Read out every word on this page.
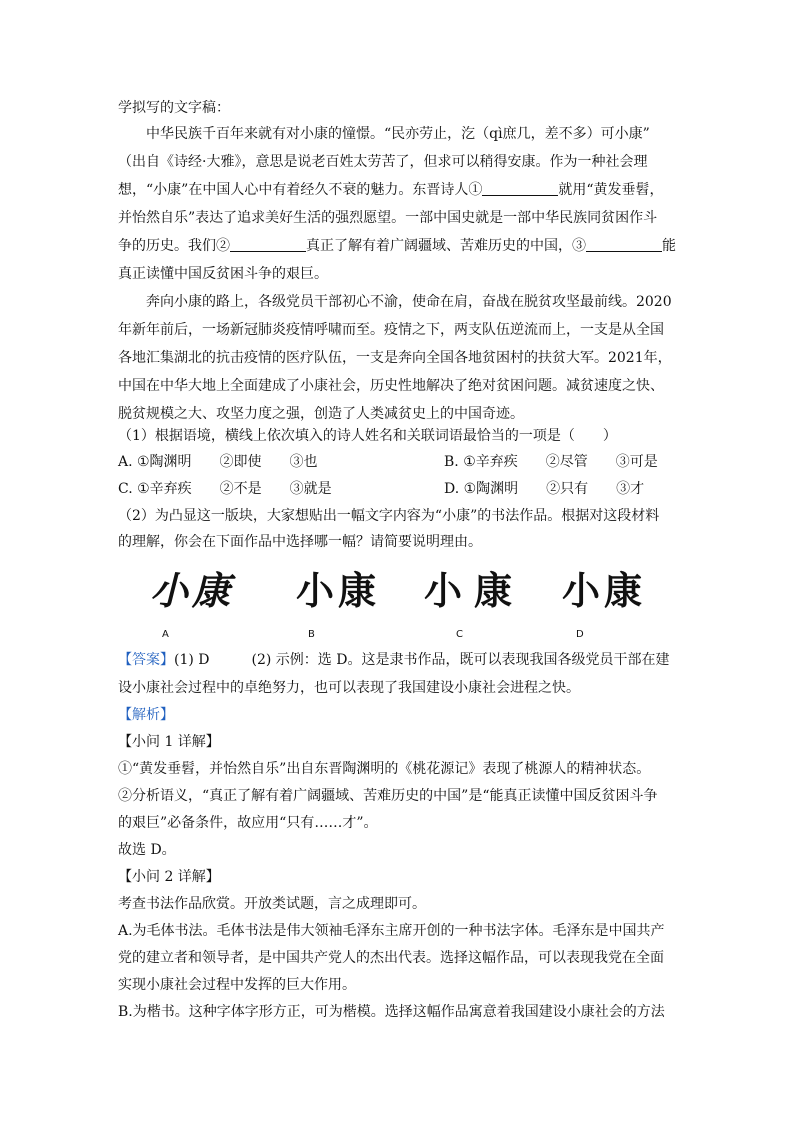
学拟写的文字稿：
中华民族千百年来就有对小康的憧憬。“民亦劳止，汔（qì庶几，差不多）可小康”
（出自《诗经·大雅》，意思是说老百姓太劳苦了，但求可以稍得安康。作为一种社会理
想，“小康”在中国人心中有着经久不衰的魅力。东晋诗人①	就用“黄发垂髫，
并怡然自乐”表达了追求美好生活的强烈愿望。一部中国史就是一部中华民族同贫困作斗
争的历史。我们②	真正了解有着广阔疆域、苦难历史的中国，③	能
真正读懂中国反贫困斗争的艰巨。
奔向小康的路上，各级党员干部初心不渝，使命在肩，奋战在脱贫攻坚最前线。2020
年新年前后，一场新冠肺炎疫情呼啸而至。疫情之下，两支队伍逆流而上，一支是从全国
各地汇集湖北的抗击疫情的医疗队伍，一支是奔向全国各地贫困村的扶贫大军。2021年，
中国在中华大地上全面建成了小康社会，历史性地解决了绝对贫困问题。减贫速度之快、
脱贫规模之大、攻坚力度之强，创造了人类减贫史上的中国奇迹。
（1）根据语境，横线上依次填入的诗人姓名和关联词语最恰当的一项是（　　）
A. ①陶渊明　　②即使　　③也	B. ①辛弃疾　　②尽管　　③可是
C. ①辛弃疾　　②不是　　③就是	D. ①陶渊明　　②只有　　③才
（2）为凸显这一版块，大家想贴出一幅文字内容为“小康”的书法作品。根据对这段材料
的理解，你会在下面作品中选择哪一幅？请简要说明理由。
小康 小康 小康 小康
A	B	C	D
【答案】(1) D　　　(2) 示例：选 D。这是隶书作品，既可以表现我国各级党员干部在建
设小康社会过程中的卓绝努力，也可以表现了我国建设小康社会进程之快。
【解析】
【小问 1 详解】
①“黄发垂髫，并怡然自乐”出自东晋陶渊明的《桃花源记》表现了桃源人的精神状态。
②分析语义，“真正了解有着广阔疆域、苦难历史的中国”是“能真正读懂中国反贫困斗争
的艰巨”必备条件，故应用“只有……才”。
故选 D。
【小问 2 详解】
考查书法作品欣赏。开放类试题，言之成理即可。
A.为毛体书法。毛体书法是伟大领袖毛泽东主席开创的一种书法字体。毛泽东是中国共产
党的建立者和领导者，是中国共产党人的杰出代表。选择这幅作品，可以表现我党在全面
实现小康社会过程中发挥的巨大作用。
B.为楷书。这种字体字形方正，可为楷模。选择这幅作品寓意着我国建设小康社会的方法
